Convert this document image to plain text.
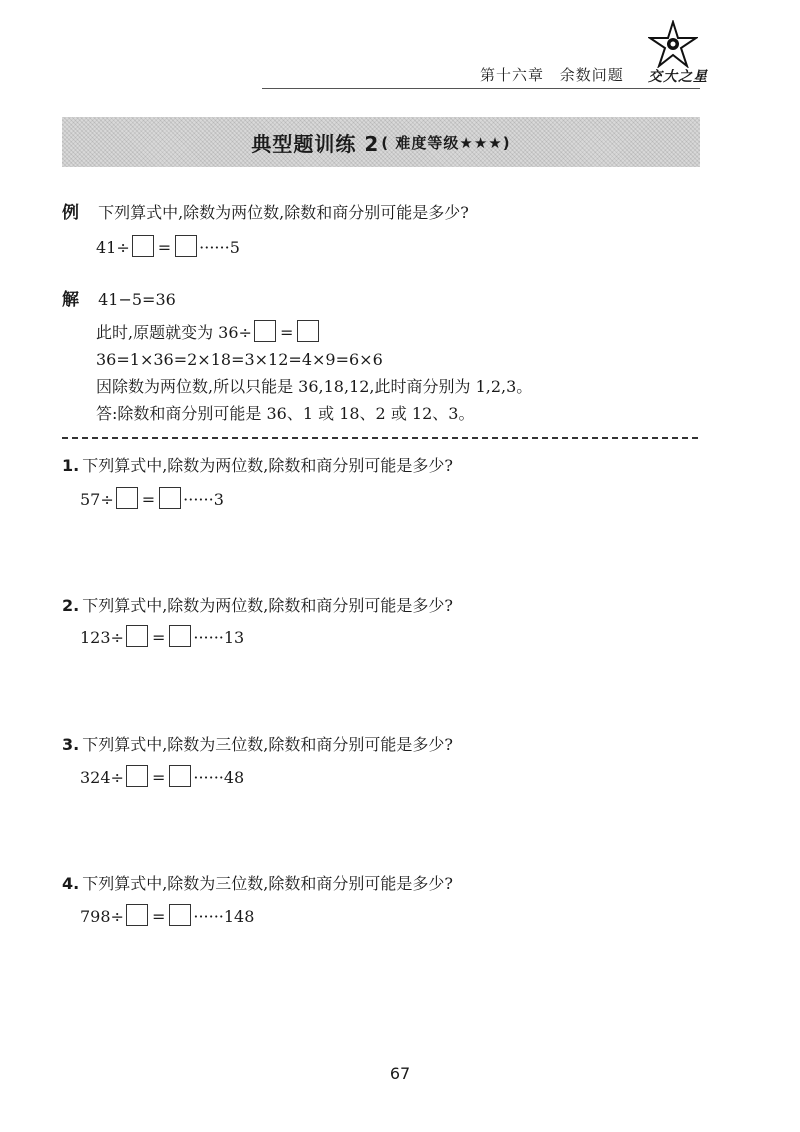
第十六章 余数问题	交大之星
典型题训练 2 ( 难度等级★★★)
例 下列算式中,除数为两位数,除数和商分别可能是多少?
41÷ = ······5
解 41−5=36
此时,原题就变为 36÷ =
36=1×36=2×18=3×12=4×9=6×6
因除数为两位数,所以只能是 36,18,12,此时商分别为 1,2,3。
答:除数和商分别可能是 36、1 或 18、2 或 12、3。
1. 下列算式中,除数为两位数,除数和商分别可能是多少?
57÷ = ······3
2. 下列算式中,除数为两位数,除数和商分别可能是多少?
123÷ = ······13
3. 下列算式中,除数为三位数,除数和商分别可能是多少?
324÷ = ······48
4. 下列算式中,除数为三位数,除数和商分别可能是多少?
798÷ = ······148
67
